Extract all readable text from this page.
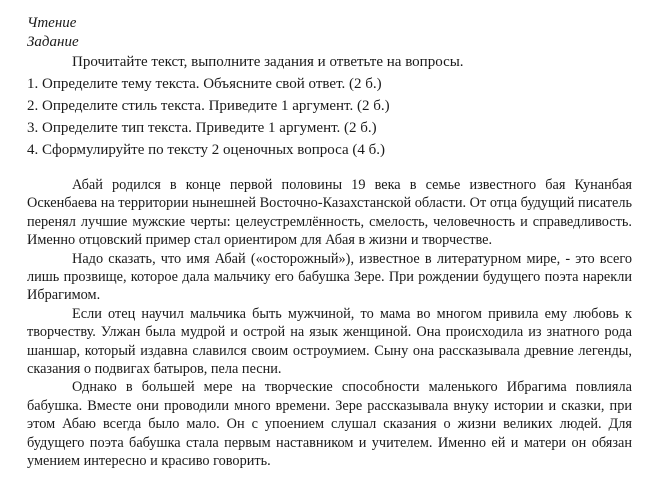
Чтение

Задание

Прочитайте текст, выполните задания и ответьте на вопросы.

1. Определите тему текста. Объясните свой ответ. (2 б.)
2. Определите стиль текста. Приведите 1 аргумент. (2 б.)
3. Определите тип текста. Приведите 1 аргумент. (2 б.)
4. Сформулируйте по тексту 2 оценочных вопроса (4 б.)

Абай родился в конце первой половины 19 века в семье известного бая Кунанбая Оскенбаева на территории нынешней Восточно-Казахстанской области. От отца будущий писатель перенял лучшие мужские черты: целеустремлённость, смелость, человечность и справедливость. Именно отцовский пример стал ориентиром для Абая в жизни и творчестве.

Надо сказать, что имя Абай («осторожный»), известное в литературном мире, - это всего лишь прозвище, которое дала мальчику его бабушка Зере. При рождении будущего поэта нарекли Ибрагимом.

Если отец научил мальчика быть мужчиной, то мама во многом привила ему любовь к творчеству. Улжан была мудрой и острой на язык женщиной. Она происходила из знатного рода шаншар, который издавна славился своим остроумием. Сыну она рассказывала древние легенды, сказания о подвигах батыров, пела песни.

Однако в большей мере на творческие способности маленького Ибрагима повлияла бабушка. Вместе они проводили много времени. Зере рассказывала внуку истории и сказки, при этом Абаю всегда было мало. Он с упоением слушал сказания о жизни великих людей. Для будущего поэта бабушка стала первым наставником и учителем. Именно ей и матери он обязан умением интересно и красиво говорить.
